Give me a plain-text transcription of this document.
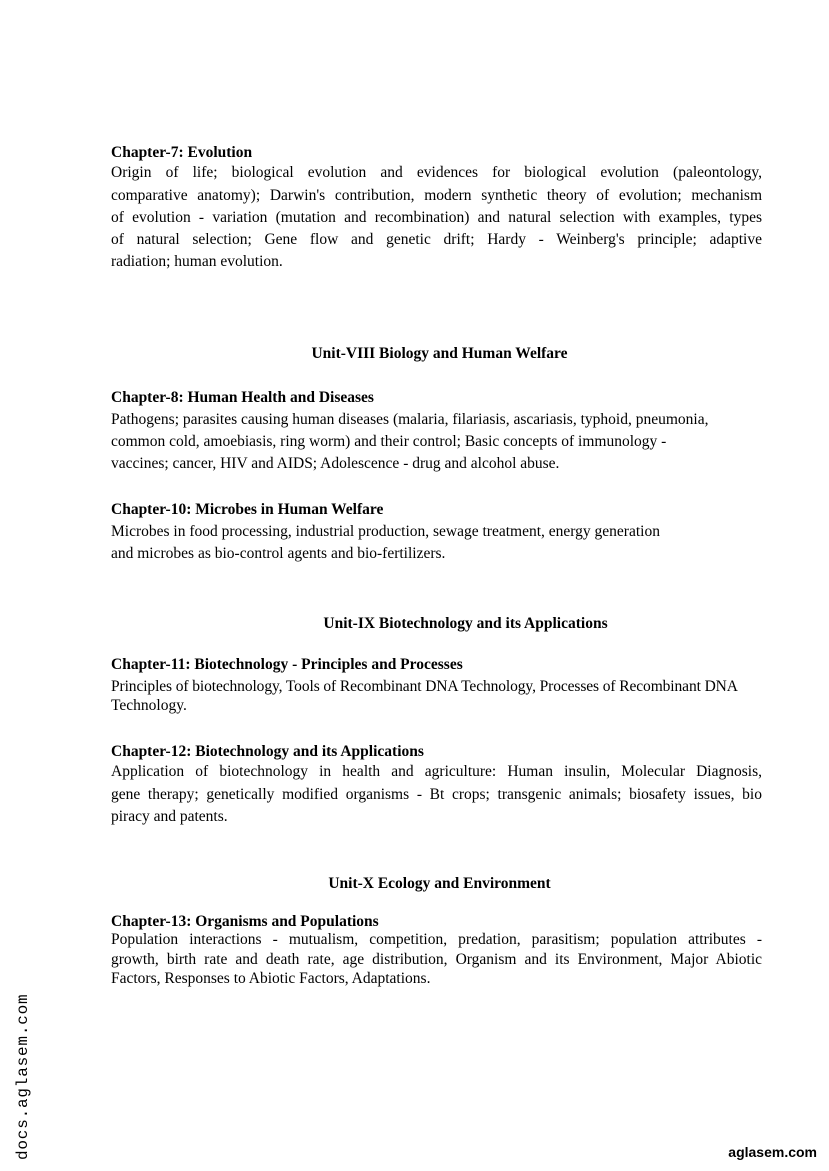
Chapter-7: Evolution

Origin of life; biological evolution and evidences for biological evolution (paleontology,

comparative anatomy); Darwin's contribution, modern synthetic theory of evolution; mechanism

of evolution - variation (mutation and recombination) and natural selection with examples, types

of natural selection; Gene flow and genetic drift; Hardy - Weinberg's principle; adaptive

radiation; human evolution.

Unit-VIII Biology and Human Welfare
Chapter-8: Human Health and Diseases

Pathogens; parasites causing human diseases (malaria, filariasis, ascariasis, typhoid, pneumonia,

common cold, amoebiasis, ring worm) and their control; Basic concepts of immunology -

vaccines; cancer, HIV and AIDS; Adolescence - drug and alcohol abuse.

Chapter-10: Microbes in Human Welfare

Microbes in food processing, industrial production, sewage treatment, energy generation

and microbes as bio-control agents and bio-fertilizers.

Unit-IX Biotechnology and its Applications
Chapter-11: Biotechnology - Principles and Processes

Principles of biotechnology, Tools of Recombinant DNA Technology, Processes of Recombinant DNA

Technology.

Chapter-12: Biotechnology and its Applications

Application of biotechnology in health and agriculture: Human insulin, Molecular Diagnosis,

gene therapy; genetically modified organisms - Bt crops; transgenic animals; biosafety issues, bio

piracy and patents.

Unit-X Ecology and Environment
Chapter-13: Organisms and Populations

Population interactions - mutualism, competition, predation, parasitism; population attributes -

growth, birth rate and death rate, age distribution, Organism and its Environment, Major Abiotic

Factors, Responses to Abiotic Factors, Adaptations.

docs.aglasem.com	aglasem.com
